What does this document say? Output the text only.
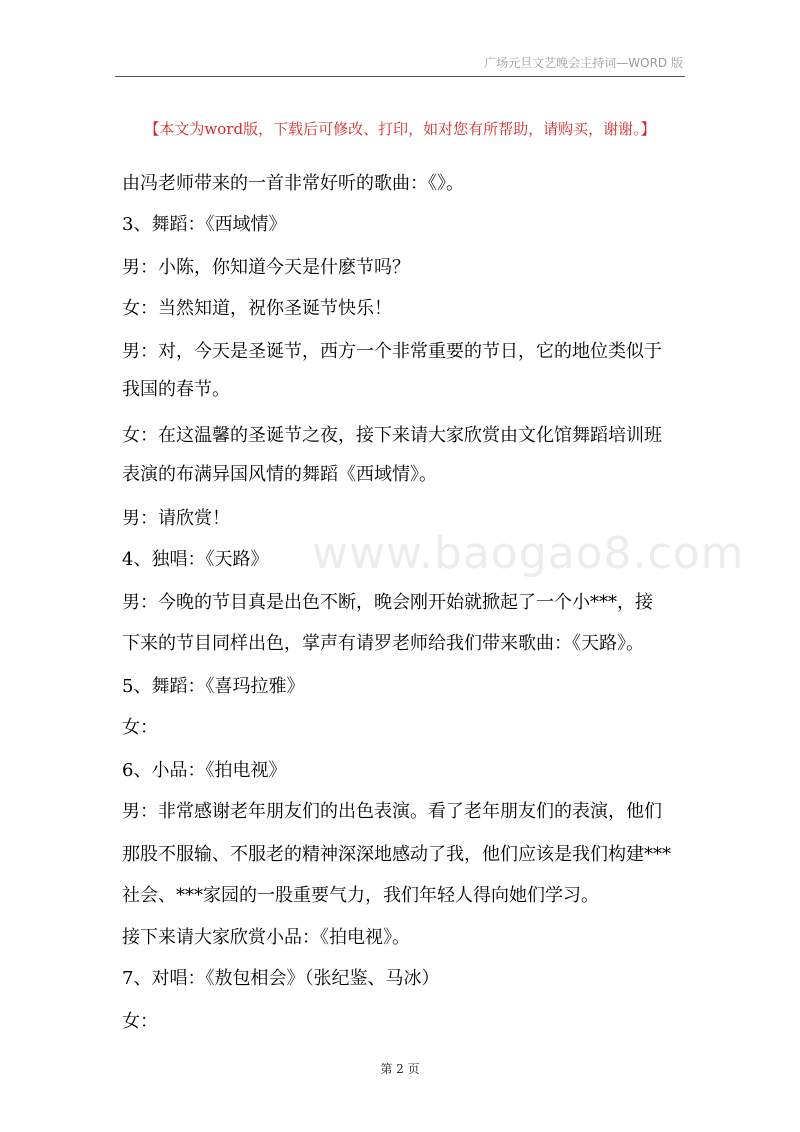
广场元旦文艺晚会主持词—WORD 版
【本文为word版，下载后可修改、打印，如对您有所帮助，请购买，谢谢。】
www.baogao8.com
由冯老师带来的一首非常好听的歌曲：《》。
3、舞蹈：《西域情》
男：小陈，你知道今天是什麽节吗？
女：当然知道，祝你圣诞节快乐！
男：对，今天是圣诞节，西方一个非常重要的节日，它的地位类似于
我国的春节。
女：在这温馨的圣诞节之夜，接下来请大家欣赏由文化馆舞蹈培训班
表演的布满异国风情的舞蹈《西域情》。
男：请欣赏！
4、独唱：《天路》
男：今晚的节目真是出色不断，晚会刚开始就掀起了一个小***，接
下来的节目同样出色，掌声有请罗老师给我们带来歌曲：《天路》。
5、舞蹈：《喜玛拉雅》
女：
6、小品：《拍电视》
男：非常感谢老年朋友们的出色表演。看了老年朋友们的表演，他们
那股不服输、不服老的精神深深地感动了我，他们应该是我们构建***
社会、***家园的一股重要气力，我们年轻人得向她们学习。
接下来请大家欣赏小品：《拍电视》。
7、对唱：《敖包相会》（张纪鉴、马冰）
女：
第 2 页
